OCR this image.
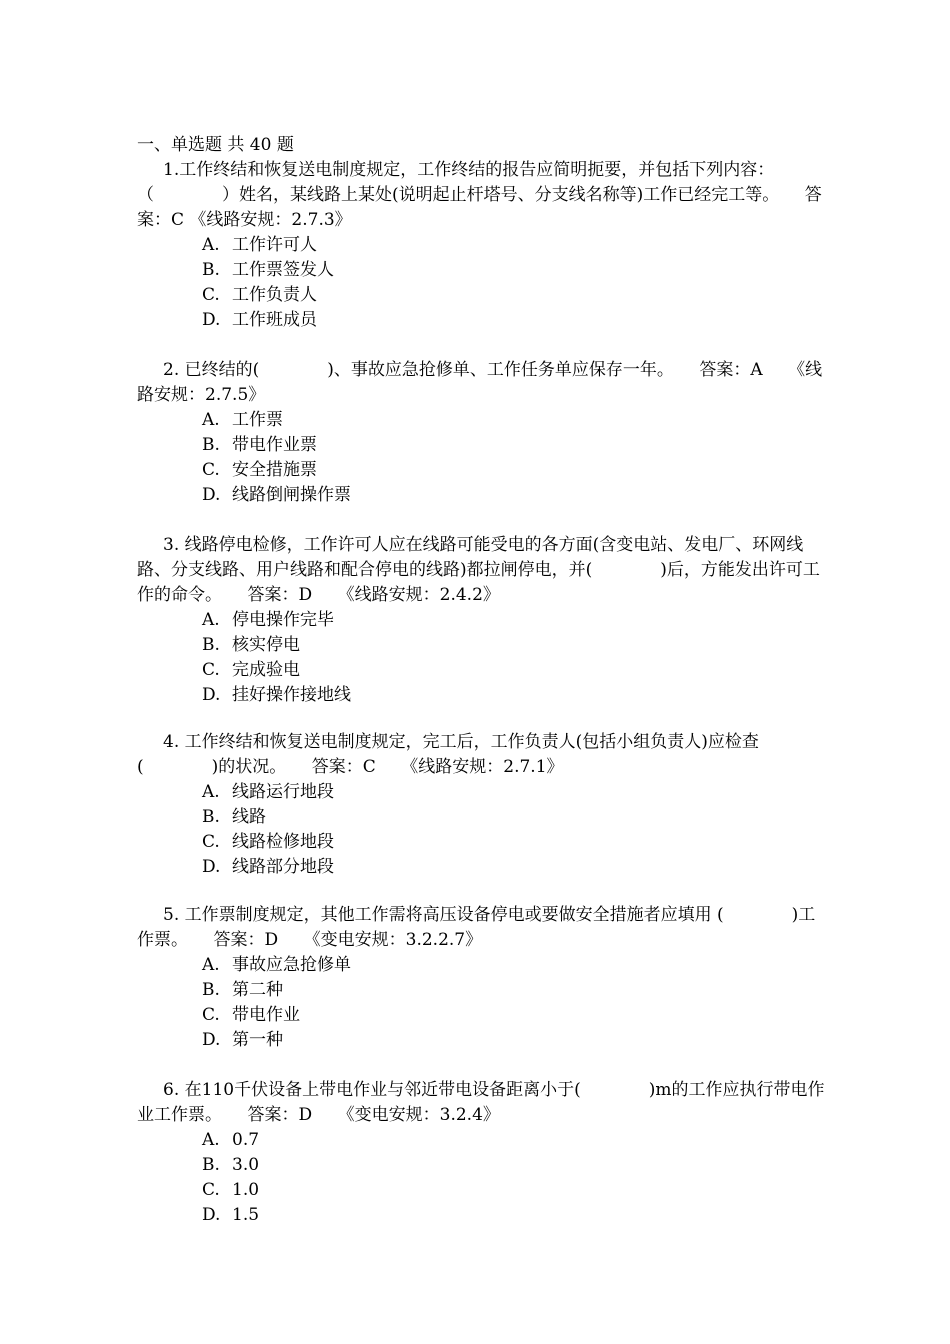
一、单选题 共 40 题

1.工作终结和恢复送电制度规定，工作终结的报告应简明扼要，并包括下列内容：（　　　　）姓名，某线路上某处(说明起止杆塔号、分支线名称等)工作已经完工等。　　答案：C 《线路安规：2.7.3》

A. 工作许可人
B. 工作票签发人
C. 工作负责人
D. 工作班成员

2. 已终结的(　　　　)、事故应急抢修单、工作任务单应保存一年。　　答案：A　　《线路安规：2.7.5》

A. 工作票
B. 带电作业票
C. 安全措施票
D. 线路倒闸操作票

3. 线路停电检修，工作许可人应在线路可能受电的各方面(含变电站、发电厂、环网线路、分支线路、用户线路和配合停电的线路)都拉闸停电，并(　　　　)后，方能发出许可工作的命令。　　答案：D　　《线路安规：2.4.2》

A. 停电操作完毕
B. 核实停电
C. 完成验电
D. 挂好操作接地线

4. 工作终结和恢复送电制度规定，完工后，工作负责人(包括小组负责人)应检查(　　　　)的状况。　　答案：C　　《线路安规：2.7.1》

A. 线路运行地段
B. 线路
C. 线路检修地段
D. 线路部分地段

5. 工作票制度规定，其他工作需将高压设备停电或要做安全措施者应填用 (　　　　)工作票。　　答案：D　　《变电安规：3.2.2.7》

A. 事故应急抢修单
B. 第二种
C. 带电作业
D. 第一种

6. 在110千伏设备上带电作业与邻近带电设备距离小于(　　　　)m的工作应执行带电作业工作票。　　答案：D　　《变电安规：3.2.4》

A. 0.7
B. 3.0
C. 1.0
D. 1.5
